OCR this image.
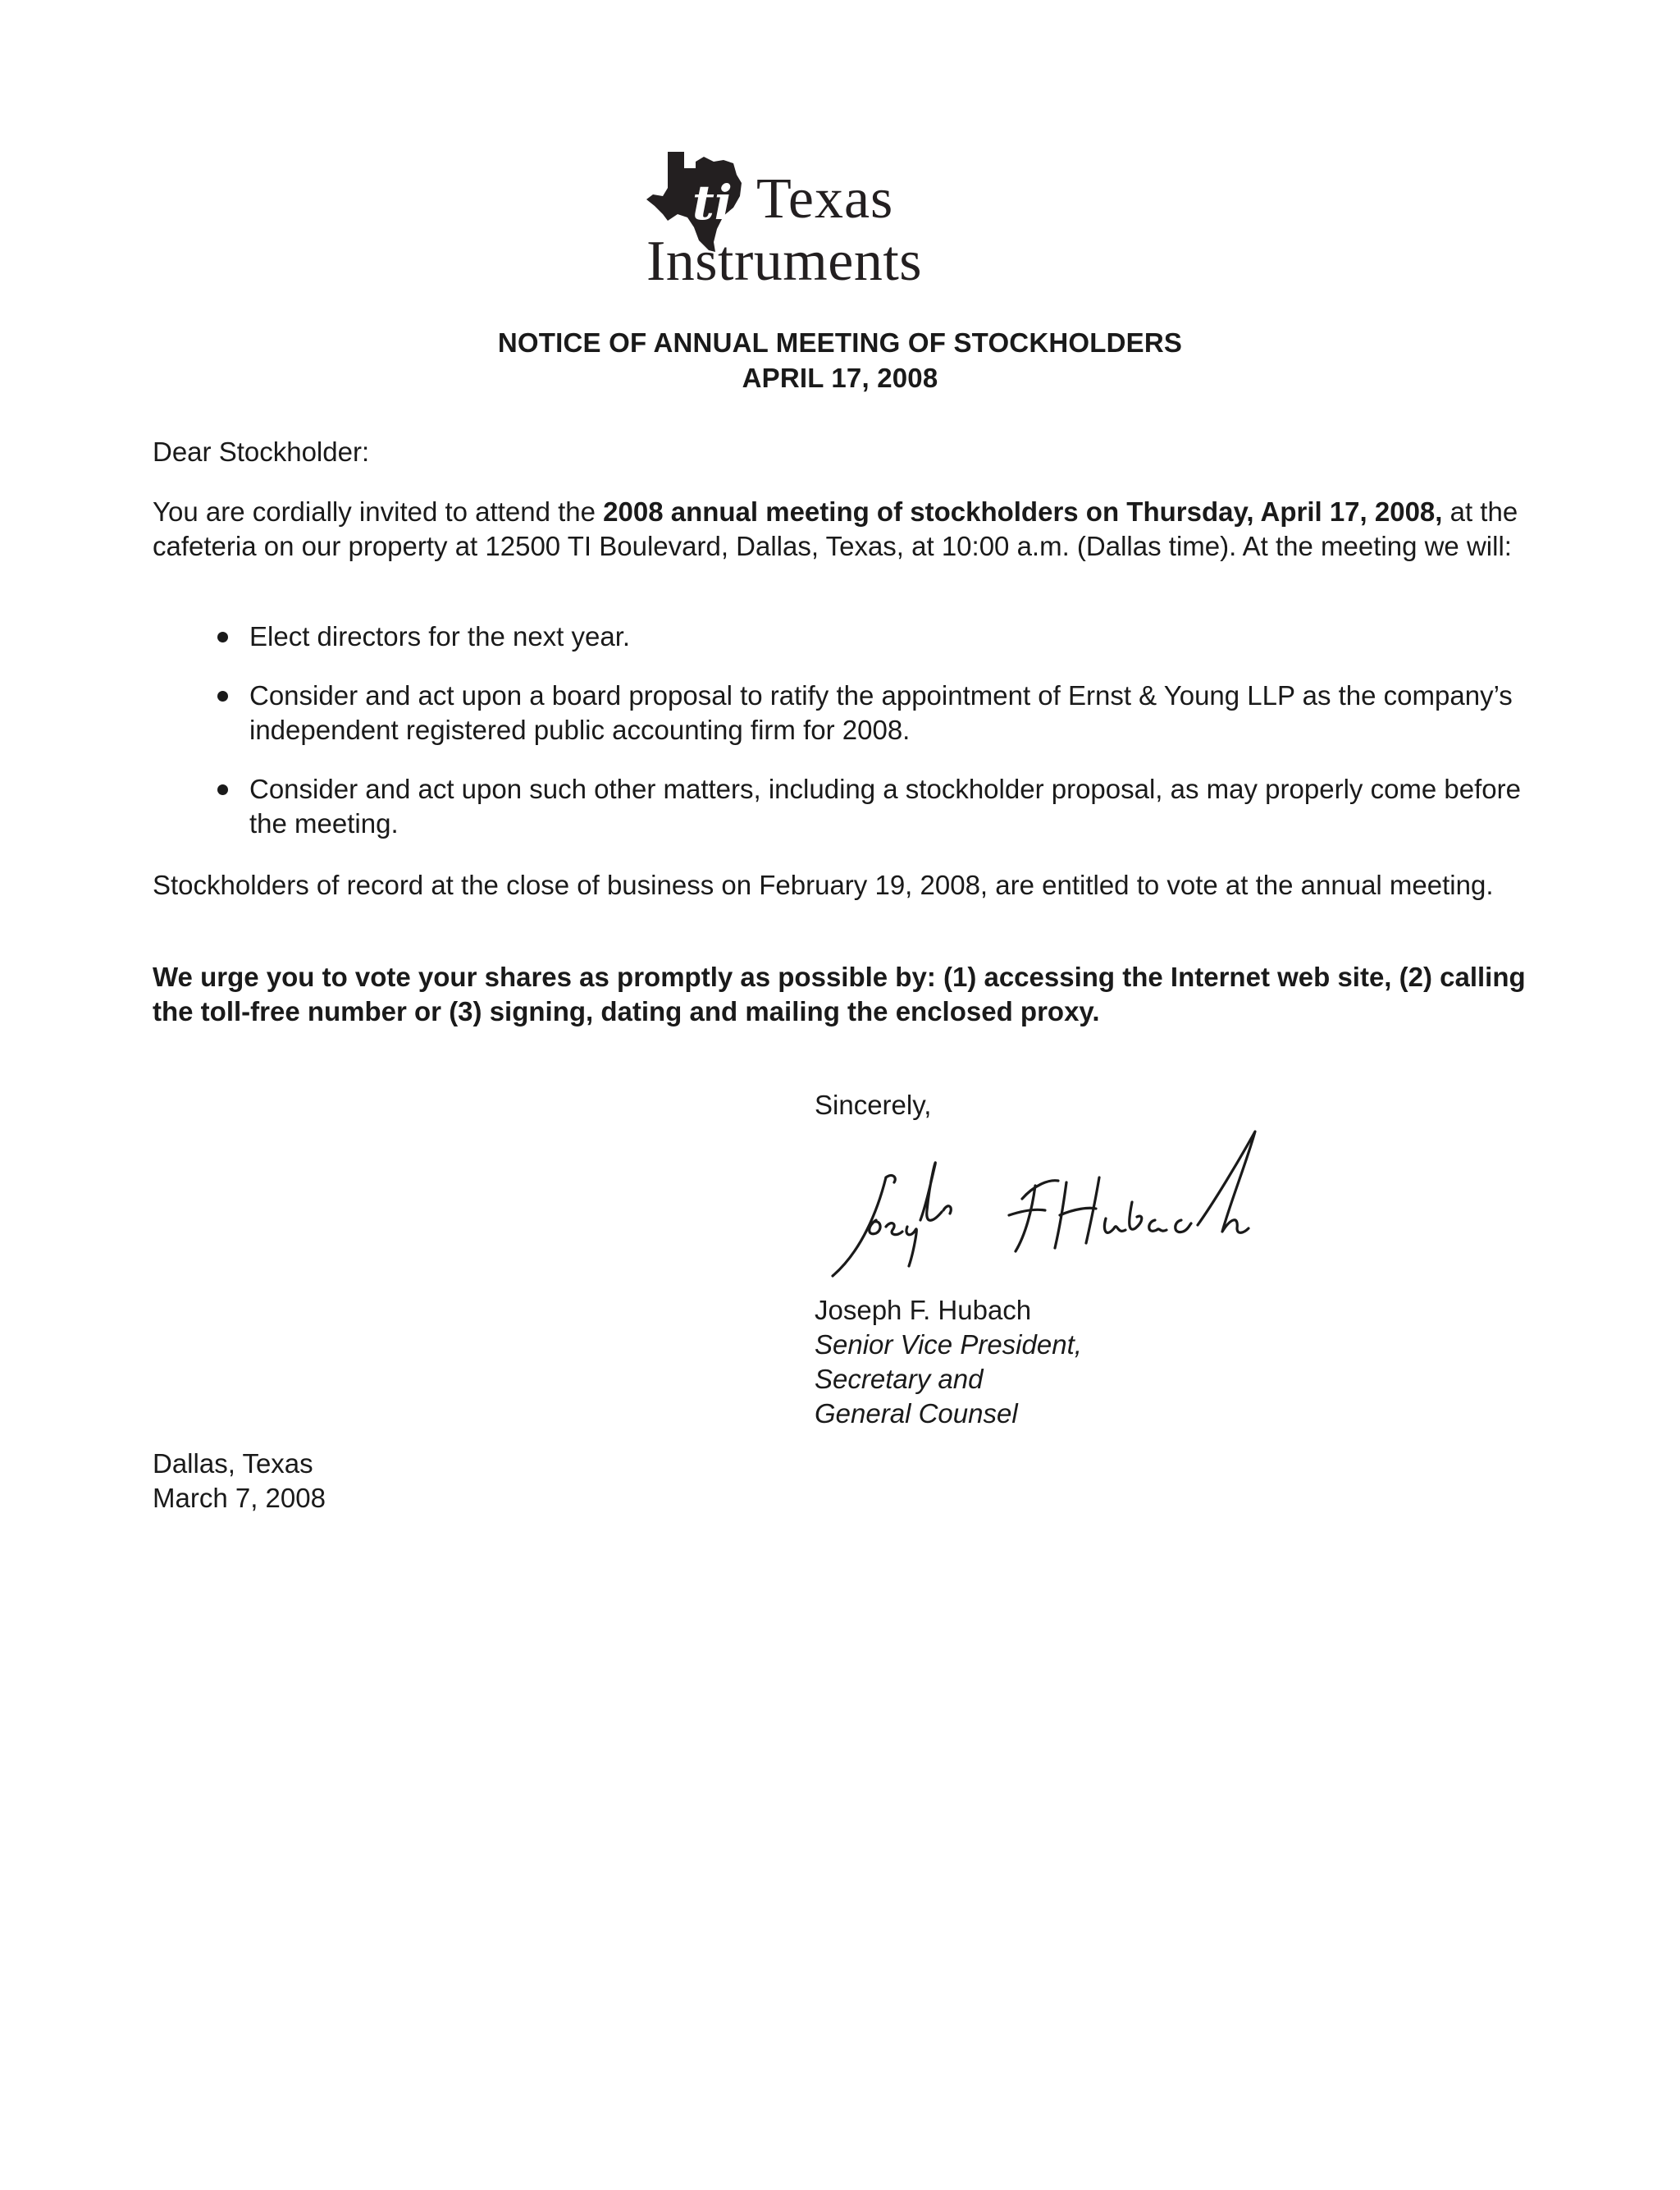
ti Texas
Instruments
NOTICE OF ANNUAL MEETING OF STOCKHOLDERS
APRIL 17, 2008
Dear Stockholder:
You are cordially invited to attend the 2008 annual meeting of stockholders on Thursday, April 17, 2008, at the cafeteria on our property at 12500 TI Boulevard, Dallas, Texas, at 10:00 a.m. (Dallas time). At the meeting we will:
Elect directors for the next year.
Consider and act upon a board proposal to ratify the appointment of Ernst & Young LLP as the company’s independent registered public accounting firm for 2008.
Consider and act upon such other matters, including a stockholder proposal, as may properly come before the meeting.
Stockholders of record at the close of business on February 19, 2008, are entitled to vote at the annual meeting.
We urge you to vote your shares as promptly as possible by: (1) accessing the Internet web site, (2) calling the toll-free number or (3) signing, dating and mailing the enclosed proxy.
Sincerely,
Joseph F. Hubach
Senior Vice President,
Secretary and
General Counsel
Dallas, Texas
March 7, 2008
